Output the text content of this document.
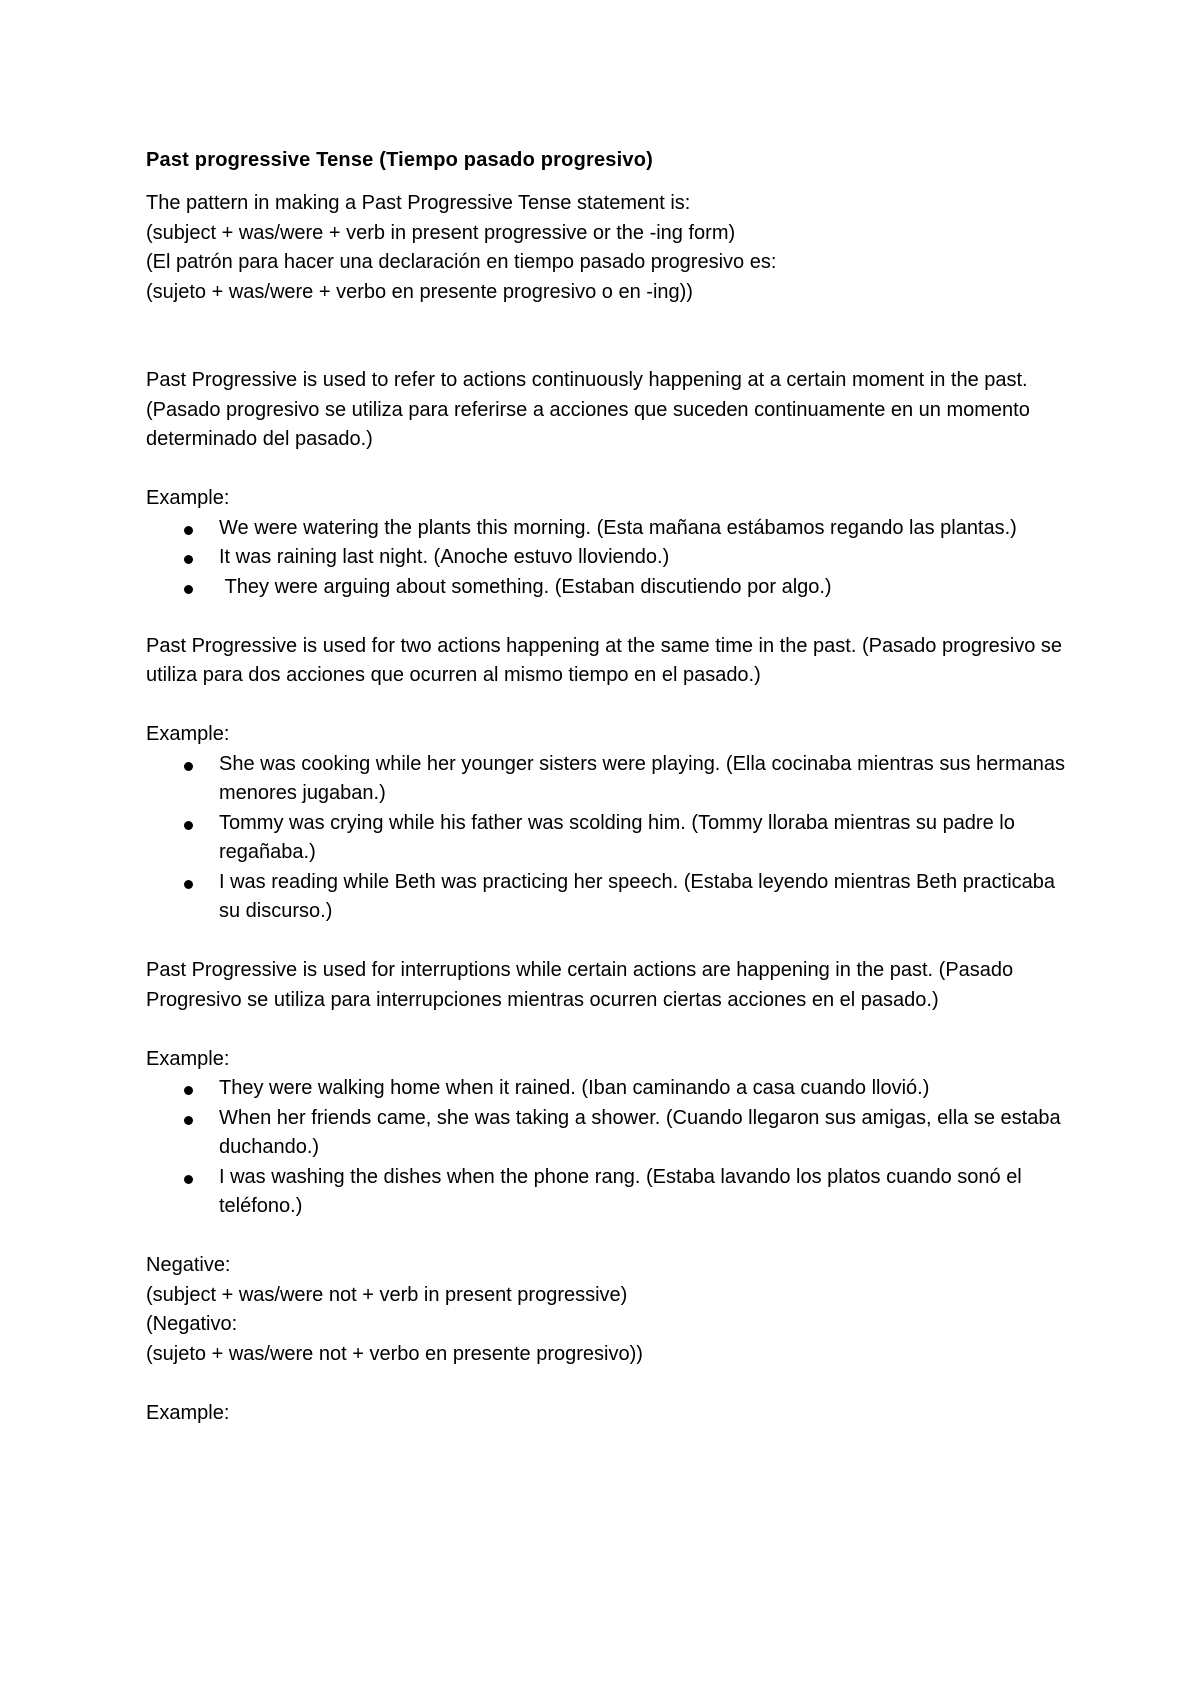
Past progressive Tense (Tiempo pasado progresivo)
The pattern in making a Past Progressive Tense statement is:
(subject + was/were + verb in present progressive or the -ing form)
(El patrón para hacer una declaración en tiempo pasado progresivo es:
(sujeto + was/were + verbo en presente progresivo o en -ing))
Past Progressive is used to refer to actions continuously happening at a certain moment in the past. (Pasado progresivo se utiliza para referirse a acciones que suceden continuamente en un momento determinado del pasado.)
Example:
We were watering the plants this morning. (Esta mañana estábamos regando las plantas.)
It was raining last night. (Anoche estuvo lloviendo.)
They were arguing about something. (Estaban discutiendo por algo.)
Past Progressive is used for two actions happening at the same time in the past. (Pasado progresivo se utiliza para dos acciones que ocurren al mismo tiempo en el pasado.)
Example:
She was cooking while her younger sisters were playing. (Ella cocinaba mientras sus hermanas menores jugaban.)
Tommy was crying while his father was scolding him. (Tommy lloraba mientras su padre lo regañaba.)
I was reading while Beth was practicing her speech. (Estaba leyendo mientras Beth practicaba su discurso.)
Past Progressive is used for interruptions while certain actions are happening in the past. (Pasado Progresivo se utiliza para interrupciones mientras ocurren ciertas acciones en el pasado.)
Example:
They were walking home when it rained. (Iban caminando a casa cuando llovió.)
When her friends came, she was taking a shower. (Cuando llegaron sus amigas, ella se estaba duchando.)
I was washing the dishes when the phone rang. (Estaba lavando los platos cuando sonó el teléfono.)
Negative:
(subject + was/were not + verb in present progressive)
(Negativo:
(sujeto + was/were not + verbo en presente progresivo))
Example:
